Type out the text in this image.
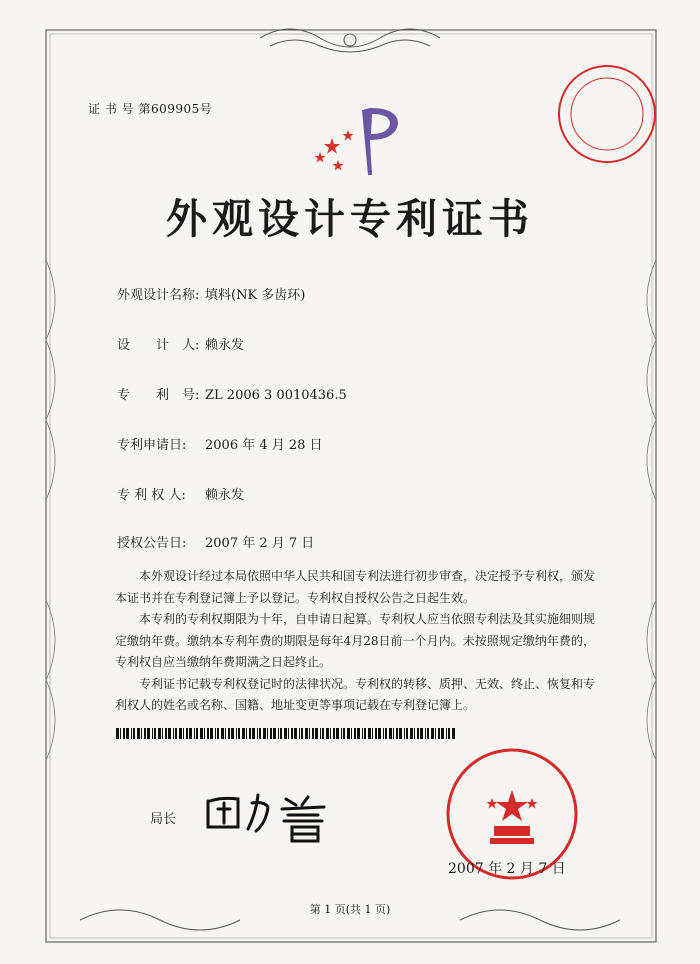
证 书 号 第609905号
外观设计专利证书
外观设计名称: 填料(NK 多齿环)
设　　计　人: 赖永发
专　　利　号: ZL 2006 3 0010436.5
专利申请日: 2006 年 4 月 28 日
专 利 权 人: 赖永发
授权公告日: 2007 年 2 月 7 日

本外观设计经过本局依照中华人民共和国专利法进行初步审查，决定授予专利权，颁发本证书并在专利登记簿上予以登记。专利权自授权公告之日起生效。

本专利的专利权期限为十年，自申请日起算。专利权人应当依照专利法及其实施细则规定缴纳年费。缴纳本专利年费的期限是每年4月28日前一个月内。未按照规定缴纳年费的，专利权自应当缴纳年费期满之日起终止。

专利证书记载专利权登记时的法律状况。专利权的转移、质押、无效、终止、恢复和专利权人的姓名或名称、国籍、地址变更等事项记载在专利登记簿上。

局长
2007 年 2 月 7 日
第 1 页(共 1 页)
